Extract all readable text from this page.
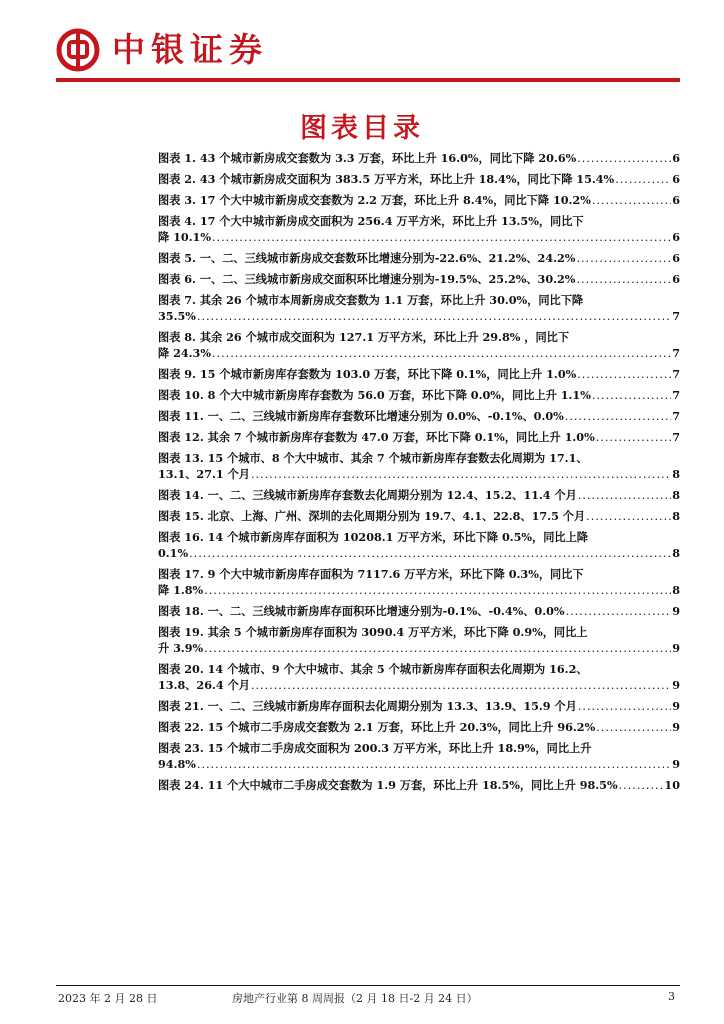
中银证券
图表目录
图表 1. 43 个城市新房成交套数为 3.3 万套，环比上升 16.0%，同比下降 20.6% .....	6
图表 2. 43 个城市新房成交面积为 383.5 万平方米，环比上升 18.4%，同比下降 15.4% .....	6
图表 3. 17 个大中城市新房成交套数为 2.2 万套，环比上升 8.4%，同比下降 10.2% .....	6
图表 4. 17 个大中城市新房成交面积为 256.4 万平方米，环比上升 13.5%，同比下
降 10.1% .....	6
图表 5. 一、二、三线城市新房成交套数环比增速分别为-22.6%、21.2%、24.2% .....	6
图表 6. 一、二、三线城市新房成交面积环比增速分别为-19.5%、25.2%、30.2% .....	6
图表 7. 其余 26 个城市本周新房成交套数为 1.1 万套，环比上升 30.0%，同比下降
35.5% .....	7
图表 8. 其余 26 个城市成交面积为 127.1 万平方米，环比上升 29.8% ，同比下
降 24.3% .....	7
图表 9. 15 个城市新房库存套数为 103.0 万套，环比下降 0.1%，同比上升 1.0% .....	7
图表 10. 8 个大中城市新房库存套数为 56.0 万套，环比下降 0.0%，同比上升 1.1% .....	7
图表 11. 一、二、三线城市新房库存套数环比增速分别为 0.0%、-0.1%、0.0% .....	7
图表 12. 其余 7 个城市新房库存套数为 47.0 万套，环比下降 0.1%，同比上升 1.0% .....	7
图表 13. 15 个城市、8 个大中城市、其余 7 个城市新房库存套数去化周期为 17.1、
13.1、27.1 个月 .....	8
图表 14. 一、二、三线城市新房库存套数去化周期分别为 12.4、15.2、11.4 个月 .....	8
图表 15. 北京、上海、广州、深圳的去化周期分别为 19.7、4.1、22.8、17.5 个月 .....	8
图表 16. 14 个城市新房库存面积为 10208.1 万平方米，环比下降 0.5%，同比上降
0.1% .....	8
图表 17. 9 个大中城市新房库存面积为 7117.6 万平方米，环比下降 0.3%，同比下
降 1.8% .....	8
图表 18. 一、二、三线城市新房库存面积环比增速分别为-0.1%、-0.4%、0.0% .....	9
图表 19. 其余 5 个城市新房库存面积为 3090.4 万平方米，环比下降 0.9%，同比上
升 3.9% .....	9
图表 20. 14 个城市、9 个大中城市、其余 5 个城市新房库存面积去化周期为 16.2、
13.8、26.4 个月 .....	9
图表 21. 一、二、三线城市新房库存面积去化周期分别为 13.3、13.9、15.9 个月 .....	9
图表 22. 15 个城市二手房成交套数为 2.1 万套，环比上升 20.3%，同比上升 96.2% .....	9
图表 23. 15 个城市二手房成交面积为 200.3 万平方米，环比上升 18.9%，同比上升
94.8% .....	9
图表 24. 11 个大中城市二手房成交套数为 1.9 万套，环比上升 18.5%，同比上升 98.5% .....	10
2023 年 2 月 28 日	房地产行业第 8 周周报（2 月 18 日-2 月 24 日）	3
